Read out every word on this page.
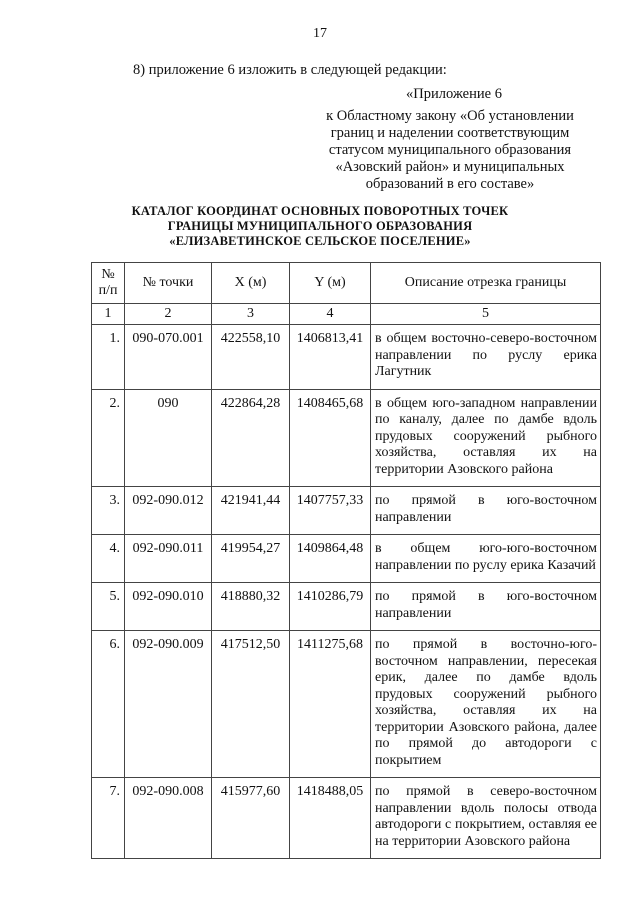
17
8) приложение 6 изложить в следующей редакции:
«Приложение 6
к Областному закону «Об установлении
границ и наделении соответствующим
статусом муниципального образования
«Азовский район» и муниципальных
образований в его составе»
КАТАЛОГ КООРДИНАТ ОСНОВНЫХ ПОВОРОТНЫХ ТОЧЕК
ГРАНИЦЫ МУНИЦИПАЛЬНОГО ОБРАЗОВАНИЯ
«ЕЛИЗАВЕТИНСКОЕ СЕЛЬСКОЕ ПОСЕЛЕНИЕ»
№
п/п	№ точки	X (м)	Y (м)	Описание отрезка границы
1	2	3	4	5
1.	090-070.001	422558,10	1406813,41	в общем восточно-северо-восточном направлении по руслу ерика Лагутник
2.	090	422864,28	1408465,68	в общем юго-западном направлении по каналу, далее по дамбе вдоль прудовых сооружений рыбного хозяйства, оставляя их на территории Азовского района
3.	092-090.012	421941,44	1407757,33	по прямой в юго-восточном направлении
4.	092-090.011	419954,27	1409864,48	в общем юго-юго-восточном направлении по руслу ерика Казачий
5.	092-090.010	418880,32	1410286,79	по прямой в юго-восточном направлении
6.	092-090.009	417512,50	1411275,68	по прямой в восточно-юго-восточном направлении, пересекая ерик, далее по дамбе вдоль прудовых сооружений рыбного хозяйства, оставляя их на территории Азовского района, далее по прямой до автодороги с покрытием
7.	092-090.008	415977,60	1418488,05	по прямой в северо-восточном направлении вдоль полосы отвода автодороги с покрытием, оставляя ее на территории Азовского района
